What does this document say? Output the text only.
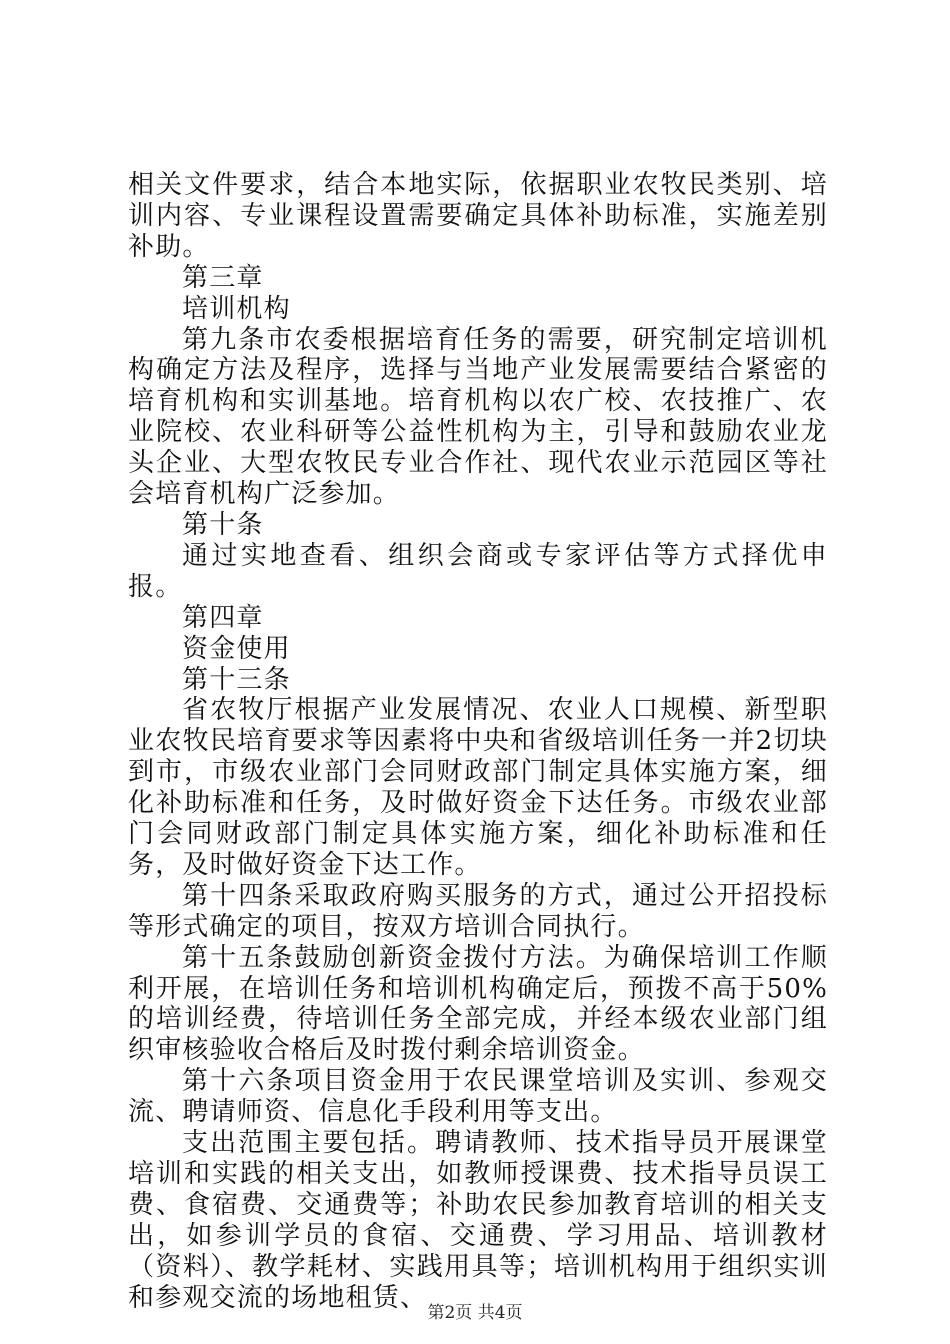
相关文件要求，结合本地实际，依据职业农牧民类别、培训内容、专业课程设置需要确定具体补助标准，实施差别补助。

第三章

培训机构

第九条市农委根据培育任务的需要，研究制定培训机构确定方法及程序，选择与当地产业发展需要结合紧密的培育机构和实训基地。培育机构以农广校、农技推广、农业院校、农业科研等公益性机构为主，引导和鼓励农业龙头企业、大型农牧民专业合作社、现代农业示范园区等社会培育机构广泛参加。

第十条

通过实地查看、组织会商或专家评估等方式择优申报。

第四章

资金使用

第十三条

省农牧厅根据产业发展情况、农业人口规模、新型职业农牧民培育要求等因素将中央和省级培训任务一并2切块到市，市级农业部门会同财政部门制定具体实施方案，细化补助标准和任务，及时做好资金下达任务。市级农业部门会同财政部门制定具体实施方案，细化补助标准和任务，及时做好资金下达工作。

第十四条采取政府购买服务的方式，通过公开招投标等形式确定的项目，按双方培训合同执行。

第十五条鼓励创新资金拨付方法。为确保培训工作顺利开展，在培训任务和培训机构确定后，预拨不高于50%的培训经费，待培训任务全部完成，并经本级农业部门组织审核验收合格后及时拨付剩余培训资金。

第十六条项目资金用于农民课堂培训及实训、参观交流、聘请师资、信息化手段利用等支出。

支出范围主要包括。聘请教师、技术指导员开展课堂培训和实践的相关支出，如教师授课费、技术指导员误工费、食宿费、交通费等；补助农民参加教育培训的相关支出，如参训学员的食宿、交通费、学习用品、培训教材（资料）、教学耗材、实践用具等；培训机构用于组织实训和参观交流的场地租赁、

第2页 共4页
